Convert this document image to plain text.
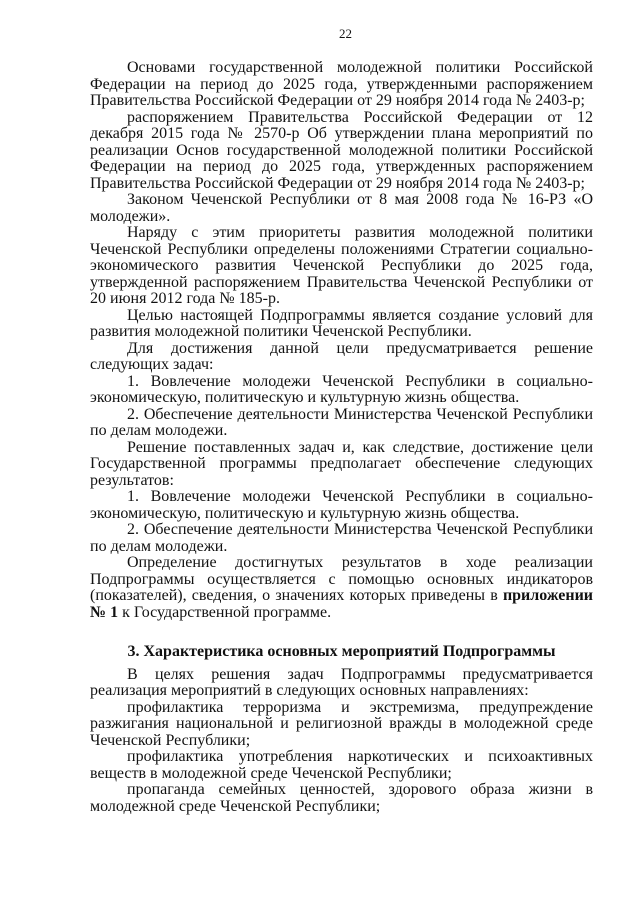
22

Основами государственной молодежной политики Российской Федерации на период до 2025 года, утвержденными распоряжением Правительства Российской Федерации от 29 ноября 2014 года № 2403-р;

распоряжением Правительства Российской Федерации от 12 декабря 2015 года № 2570-р Об утверждении плана мероприятий по реализации Основ государственной молодежной политики Российской Федерации на период до 2025 года, утвержденных распоряжением Правительства Российской Федерации от 29 ноября 2014 года № 2403-р;

Законом Чеченской Республики от 8 мая 2008 года № 16-РЗ «О молодежи».

Наряду с этим приоритеты развития молодежной политики Чеченской Республики определены положениями Стратегии социально-экономического развития Чеченской Республики до 2025 года, утвержденной распоряжением Правительства Чеченской Республики от 20 июня 2012 года № 185-р.

Целью настоящей Подпрограммы является создание условий для развития молодежной политики Чеченской Республики.

Для достижения данной цели предусматривается решение следующих задач:

1. Вовлечение молодежи Чеченской Республики в социально-экономическую, политическую и культурную жизнь общества.

2. Обеспечение деятельности Министерства Чеченской Республики по делам молодежи.

Решение поставленных задач и, как следствие, достижение цели Государственной программы предполагает обеспечение следующих результатов:

1. Вовлечение молодежи Чеченской Республики в социально-экономическую, политическую и культурную жизнь общества.

2. Обеспечение деятельности Министерства Чеченской Республики по делам молодежи.

Определение достигнутых результатов в ходе реализации Подпрограммы осуществляется с помощью основных индикаторов (показателей), сведения, о значениях которых приведены в приложении № 1 к Государственной программе.

3. Характеристика основных мероприятий Подпрограммы

В целях решения задач Подпрограммы предусматривается реализация мероприятий в следующих основных направлениях:

профилактика терроризма и экстремизма, предупреждение разжигания национальной и религиозной вражды в молодежной среде Чеченской Республики;

профилактика употребления наркотических и психоактивных веществ в молодежной среде Чеченской Республики;

пропаганда семейных ценностей, здорового образа жизни в молодежной среде Чеченской Республики;
